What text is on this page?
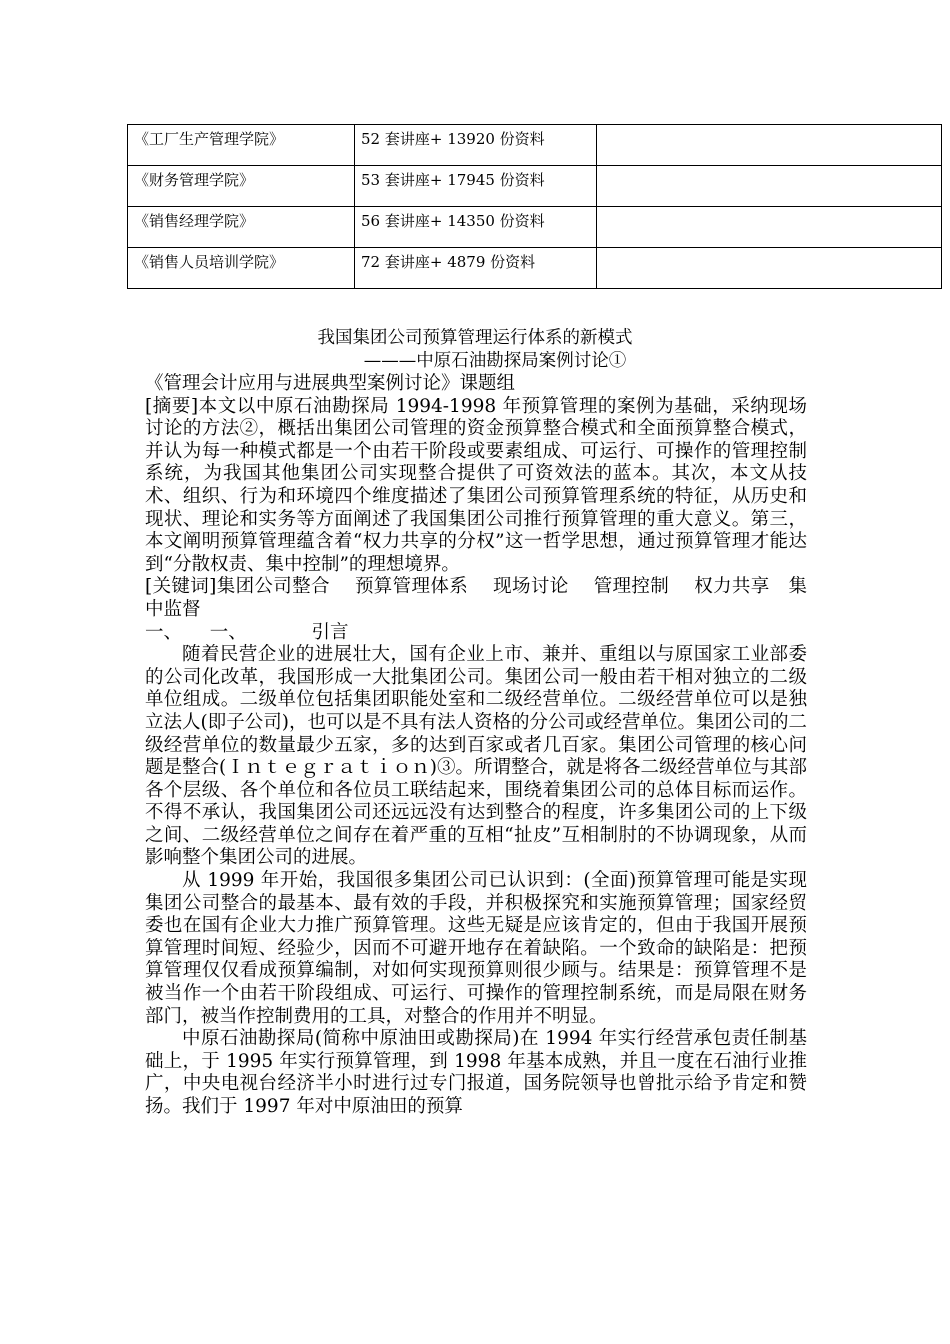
《工厂生产管理学院》	52 套讲座+ 13920 份资料	
《财务管理学院》	53 套讲座+ 17945 份资料	
《销售经理学院》	56 套讲座+ 14350 份资料	
《销售人员培训学院》	72 套讲座+ 4879 份资料	
我国集团公司预算管理运行体系的新模式
———中原石油勘探局案例讨论①

《管理会计应用与进展典型案例讨论》课题组

[摘要]本文以中原石油勘探局 1994-1998 年预算管理的案例为基础，采纳现场讨论的方法②，概括出集团公司管理的资金预算整合模式和全面预算整合模式，并认为每一种模式都是一个由若干阶段或要素组成、可运行、可操作的管理控制系统，为我国其他集团公司实现整合提供了可资效法的蓝本。其次，本文从技术、组织、行为和环境四个维度描述了集团公司预算管理系统的特征，从历史和现状、理论和实务等方面阐述了我国集团公司推行预算管理的重大意义。第三，本文阐明预算管理蕴含着“权力共享的分权”这一哲学思想，通过预算管理才能达到“分散权责、集中控制”的理想境界。

[关键词]集团公司整合　 预算管理体系　 现场讨论　 管理控制　 权力共享　集中监督

一、　　一、　　　　引言

随着民营企业的进展壮大，国有企业上市、兼并、重组以与原国家工业部委的公司化改革，我国形成一大批集团公司。集团公司一般由若干相对独立的二级单位组成。二级单位包括集团职能处室和二级经营单位。二级经营单位可以是独立法人(即子公司)，也可以是不具有法人资格的分公司或经营单位。集团公司的二级经营单位的数量最少五家，多的达到百家或者几百家。集团公司管理的核心问题是整合(Ｉｎｔｅｇｒａｔｉｏｎ)③。所谓整合，就是将各二级经营单位与其部各个层级、各个单位和各位员工联结起来，围绕着集团公司的总体目标而运作。不得不承认，我国集团公司还远远没有达到整合的程度，许多集团公司的上下级之间、二级经营单位之间存在着严重的互相“扯皮”互相制肘的不协调现象，从而影响整个集团公司的进展。

从 1999 年开始，我国很多集团公司已认识到：(全面)预算管理可能是实现集团公司整合的最基本、最有效的手段，并积极探究和实施预算管理；国家经贸委也在国有企业大力推广预算管理。这些无疑是应该肯定的，但由于我国开展预算管理时间短、经验少，因而不可避开地存在着缺陷。一个致命的缺陷是：把预算管理仅仅看成预算编制，对如何实现预算则很少顾与。结果是：预算管理不是被当作一个由若干阶段组成、可运行、可操作的管理控制系统，而是局限在财务部门，被当作控制费用的工具，对整合的作用并不明显。

中原石油勘探局(简称中原油田或勘探局)在 1994 年实行经营承包责任制基础上，于 1995 年实行预算管理，到 1998 年基本成熟，并且一度在石油行业推广，中央电视台经济半小时进行过专门报道，国务院领导也曾批示给予肯定和赞扬。我们于 1997 年对中原油田的预算
